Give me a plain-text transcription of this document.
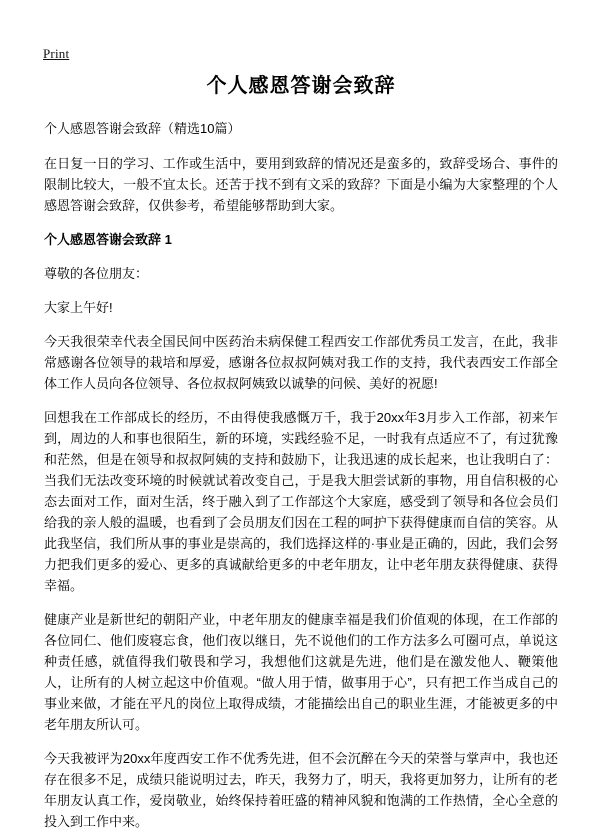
Print
个人感恩答谢会致辞

个人感恩答谢会致辞（精选10篇）

在日复一日的学习、工作或生活中，要用到致辞的情况还是蛮多的，致辞受场合、事件的限制比较大，一般不宜太长。还苦于找不到有文采的致辞？下面是小编为大家整理的个人感恩答谢会致辞，仅供参考，希望能够帮助到大家。

个人感恩答谢会致辞 1

尊敬的各位朋友：

大家上午好!

今天我很荣幸代表全国民间中医药治未病保健工程西安工作部优秀员工发言，在此，我非常感谢各位领导的栽培和厚爱，感谢各位叔叔阿姨对我工作的支持，我代表西安工作部全体工作人员向各位领导、各位叔叔阿姨致以诚挚的问候、美好的祝愿!

回想我在工作部成长的经历，不由得使我感慨万千，我于20xx年3月步入工作部，初来乍到，周边的人和事也很陌生，新的环境，实践经验不足，一时我有点适应不了，有过犹豫和茫然，但是在领导和叔叔阿姨的支持和鼓励下，让我迅速的成长起来，也让我明白了：当我们无法改变环境的时候就试着改变自己，于是我大胆尝试新的事物，用自信积极的心态去面对工作，面对生活，终于融入到了工作部这个大家庭，感受到了领导和各位会员们给我的亲人般的温暖，也看到了会员朋友们因在工程的呵护下获得健康而自信的笑容。从此我坚信，我们所从事的事业是崇高的，我们选择这样的·事业是正确的，因此，我们会努力把我们更多的爱心、更多的真诚献给更多的中老年朋友，让中老年朋友获得健康、获得幸福。

健康产业是新世纪的朝阳产业，中老年朋友的健康幸福是我们价值观的体现，在工作部的各位同仁、他们废寝忘食，他们夜以继日，先不说他们的工作方法多么可圈可点，单说这种责任感，就值得我们敬畏和学习，我想他们这就是先进，他们是在激发他人、鞭策他人，让所有的人树立起这中价值观。“做人用于情，做事用于心”，只有把工作当成自己的事业来做，才能在平凡的岗位上取得成绩，才能描绘出自己的职业生涯，才能被更多的中老年朋友所认可。

今天我被评为20xx年度西安工作不优秀先进，但不会沉醉在今天的荣誉与掌声中，我也还存在很多不足，成绩只能说明过去，昨天，我努力了，明天，我将更加努力，让所有的老年朋友认真工作，爱岗敬业，始终保持着旺盛的精神风貌和饱满的工作热情，全心全意的投入到工作中来。
